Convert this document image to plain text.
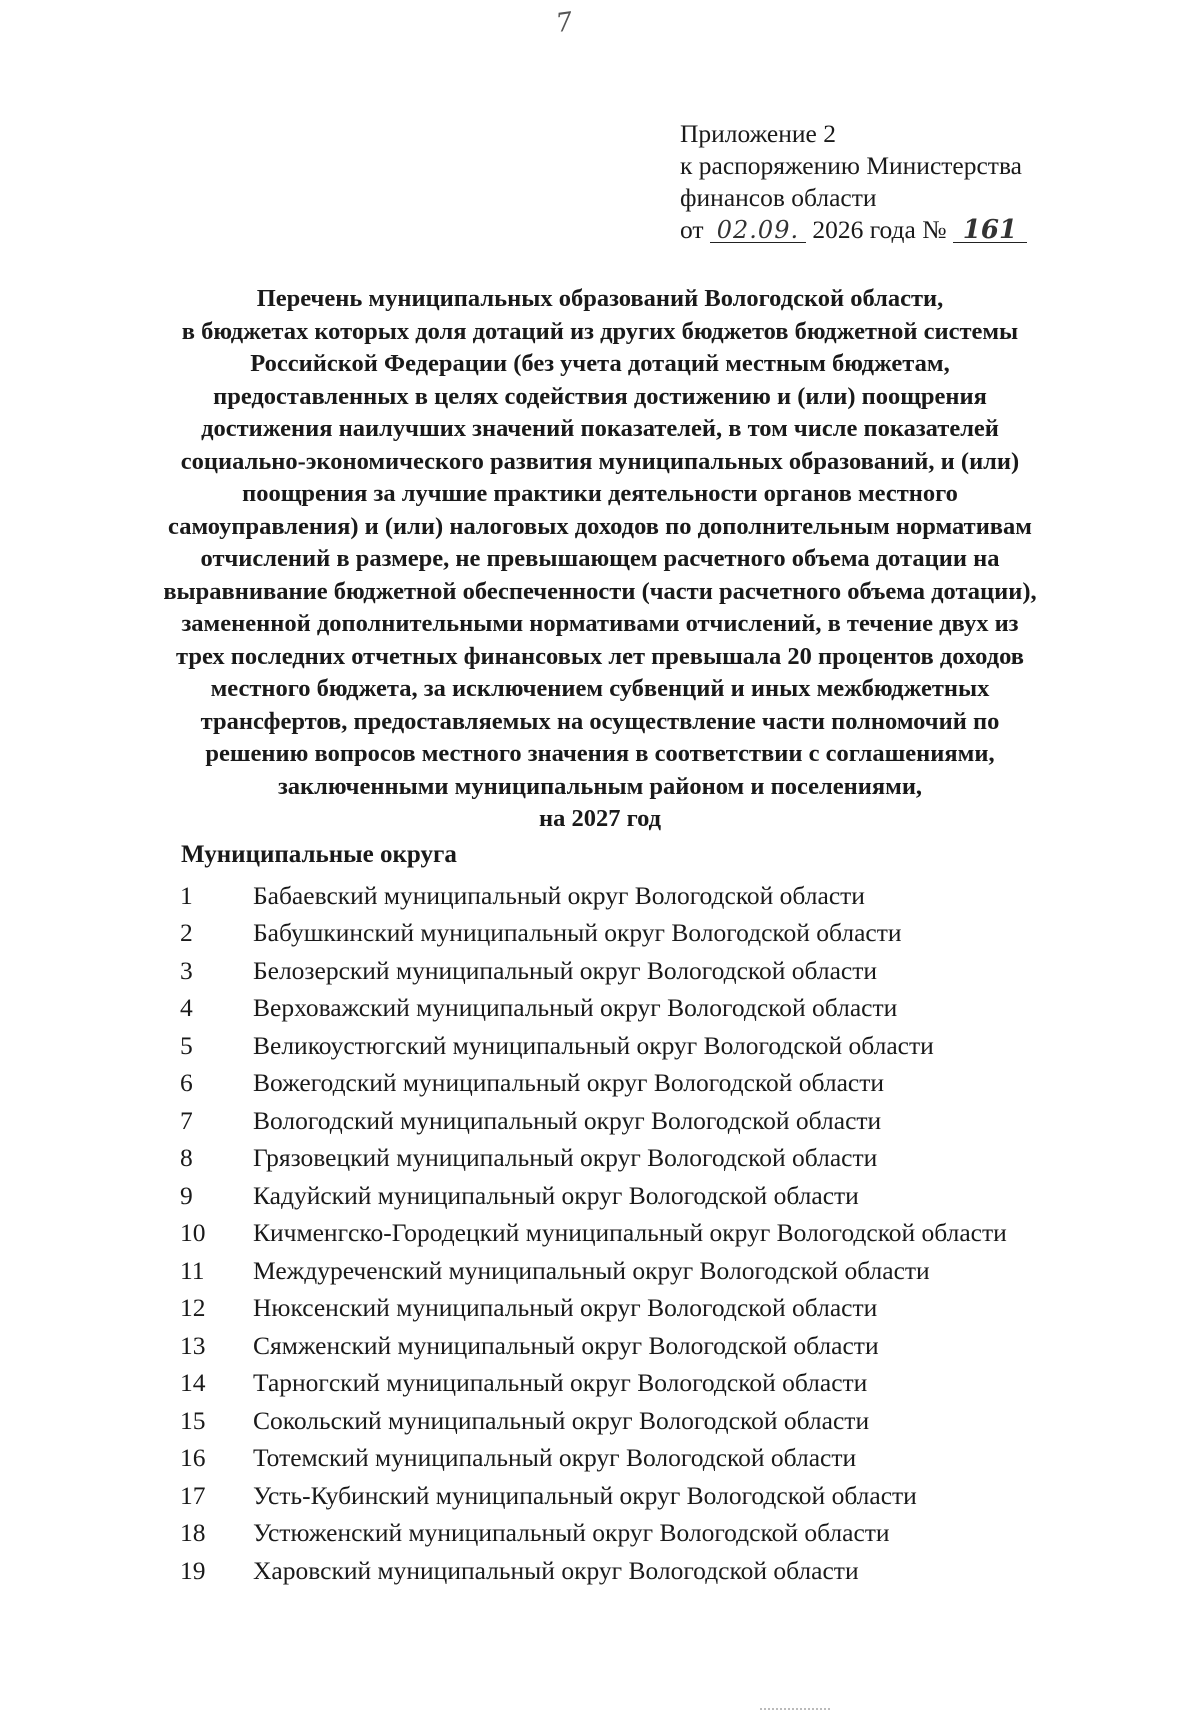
7
Приложение 2
к распоряжению Министерства
финансов области
от 02.09. 2026 года № 161
Перечень муниципальных образований Вологодской области,
в бюджетах которых доля дотаций из других бюджетов бюджетной системы
Российской Федерации (без учета дотаций местным бюджетам,
предоставленных в целях содействия достижению и (или) поощрения
достижения наилучших значений показателей, в том числе показателей
социально-экономического развития муниципальных образований, и (или)
поощрения за лучшие практики деятельности органов местного
самоуправления) и (или) налоговых доходов по дополнительным нормативам
отчислений в размере, не превышающем расчетного объема дотации на
выравнивание бюджетной обеспеченности (части расчетного объема дотации),
замененной дополнительными нормативами отчислений, в течение двух из
трех последних отчетных финансовых лет превышала 20 процентов доходов
местного бюджета, за исключением субвенций и иных межбюджетных
трансфертов, предоставляемых на осуществление части полномочий по
решению вопросов местного значения в соответствии с соглашениями,
заключенными муниципальным районом и поселениями,
на 2027 год
Муниципальные округа
1	Бабаевский муниципальный округ Вологодской области
2	Бабушкинский муниципальный округ Вологодской области
3	Белозерский муниципальный округ Вологодской области
4	Верховажский муниципальный округ Вологодской области
5	Великоустюгский муниципальный округ Вологодской области
6	Вожегодский муниципальный округ Вологодской области
7	Вологодский муниципальный округ Вологодской области
8	Грязовецкий муниципальный округ Вологодской области
9	Кадуйский муниципальный округ Вологодской области
10	Кичменгско-Городецкий муниципальный округ Вологодской области
11	Междуреченский муниципальный округ Вологодской области
12	Нюксенский муниципальный округ Вологодской области
13	Сямженский муниципальный округ Вологодской области
14	Тарногский муниципальный округ Вологодской области
15	Сокольский муниципальный округ Вологодской области
16	Тотемский муниципальный округ Вологодской области
17	Усть-Кубинский муниципальный округ Вологодской области
18	Устюженский муниципальный округ Вологодской области
19	Харовский муниципальный округ Вологодской области
